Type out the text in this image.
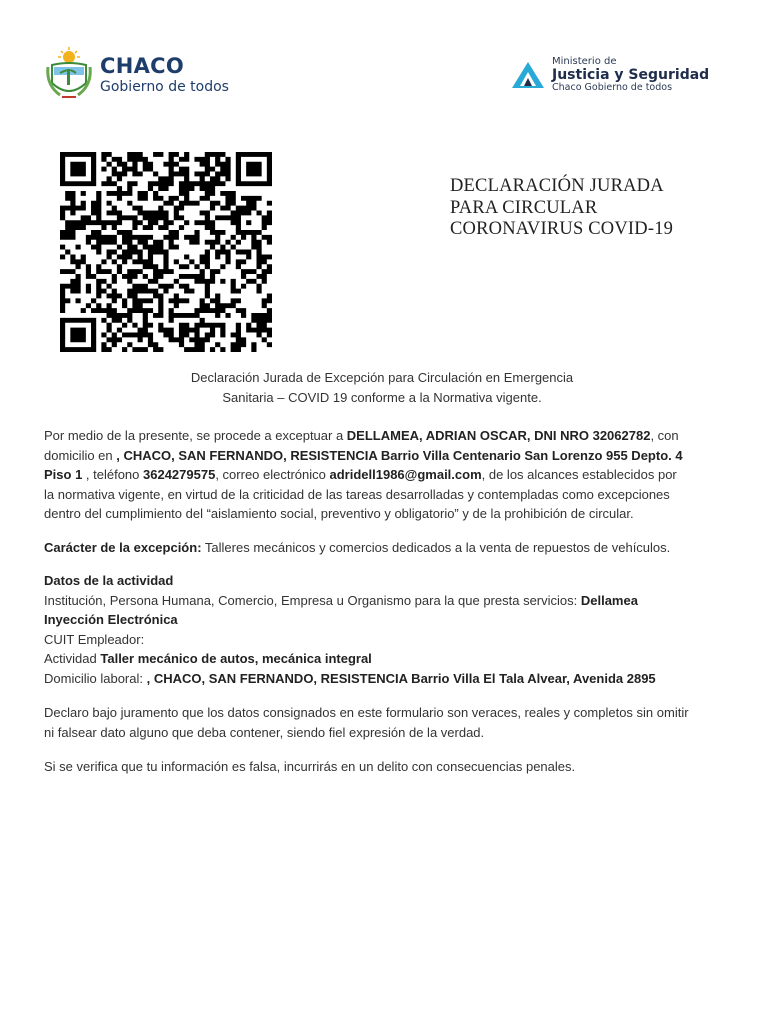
CHACO
Gobierno de todos
Ministerio de
Justicia y Seguridad
Chaco Gobierno de todos
DECLARACIÓN JURADA
PARA CIRCULAR
CORONAVIRUS COVID-19
Declaración Jurada de Excepción para Circulación en Emergencia
Sanitaria – COVID 19 conforme a la Normativa vigente.
Por medio de la presente, se procede a exceptuar a DELLAMEA, ADRIAN OSCAR, DNI NRO 32062782, con
domicilio en , CHACO, SAN FERNANDO, RESISTENCIA Barrio Villa Centenario San Lorenzo 955 Depto. 4
Piso 1 , teléfono 3624279575, correo electrónico adridell1986@gmail.com, de los alcances establecidos por
la normativa vigente, en virtud de la criticidad de las tareas desarrolladas y contempladas como excepciones
dentro del cumplimiento del “aislamiento social, preventivo y obligatorio” y de la prohibición de circular.
Carácter de la excepción: Talleres mecánicos y comercios dedicados a la venta de repuestos de vehículos.
Datos de la actividad
Institución, Persona Humana, Comercio, Empresa u Organismo para la que presta servicios: Dellamea
Inyección Electrónica
CUIT Empleador:
Actividad Taller mecánico de autos, mecánica integral
Domicilio laboral: , CHACO, SAN FERNANDO, RESISTENCIA Barrio Villa El Tala Alvear, Avenida 2895
Declaro bajo juramento que los datos consignados en este formulario son veraces, reales y completos sin omitir
ni falsear dato alguno que deba contener, siendo fiel expresión de la verdad.
Si se verifica que tu información es falsa, incurrirás en un delito con consecuencias penales.
